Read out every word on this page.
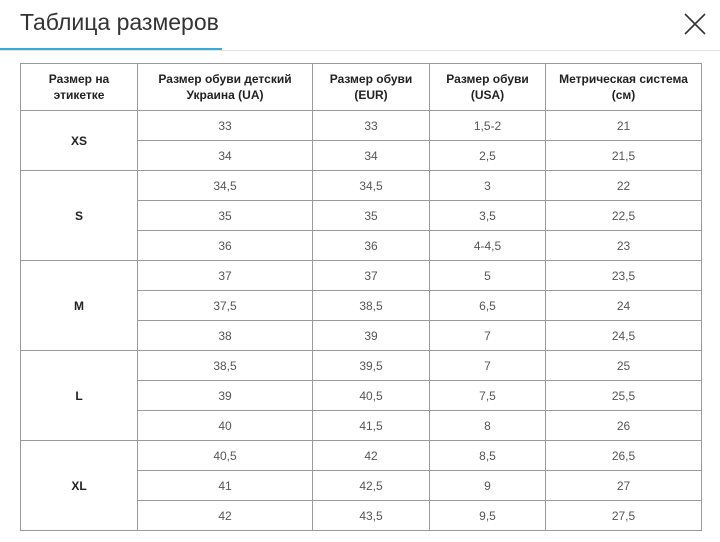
Таблица размеров
Размер на этикетке	Размер обуви детский Украина (UA)	Размер обуви (EUR)	Размер обуви (USA)	Метрическая система (см)
XS	33	33	1,5-2	21
	34	34	2,5	21,5
S	34,5	34,5	3	22
	35	35	3,5	22,5
	36	36	4-4,5	23
M	37	37	5	23,5
	37,5	38,5	6,5	24
	38	39	7	24,5
L	38,5	39,5	7	25
	39	40,5	7,5	25,5
	40	41,5	8	26
XL	40,5	42	8,5	26,5
	41	42,5	9	27
	42	43,5	9,5	27,5
